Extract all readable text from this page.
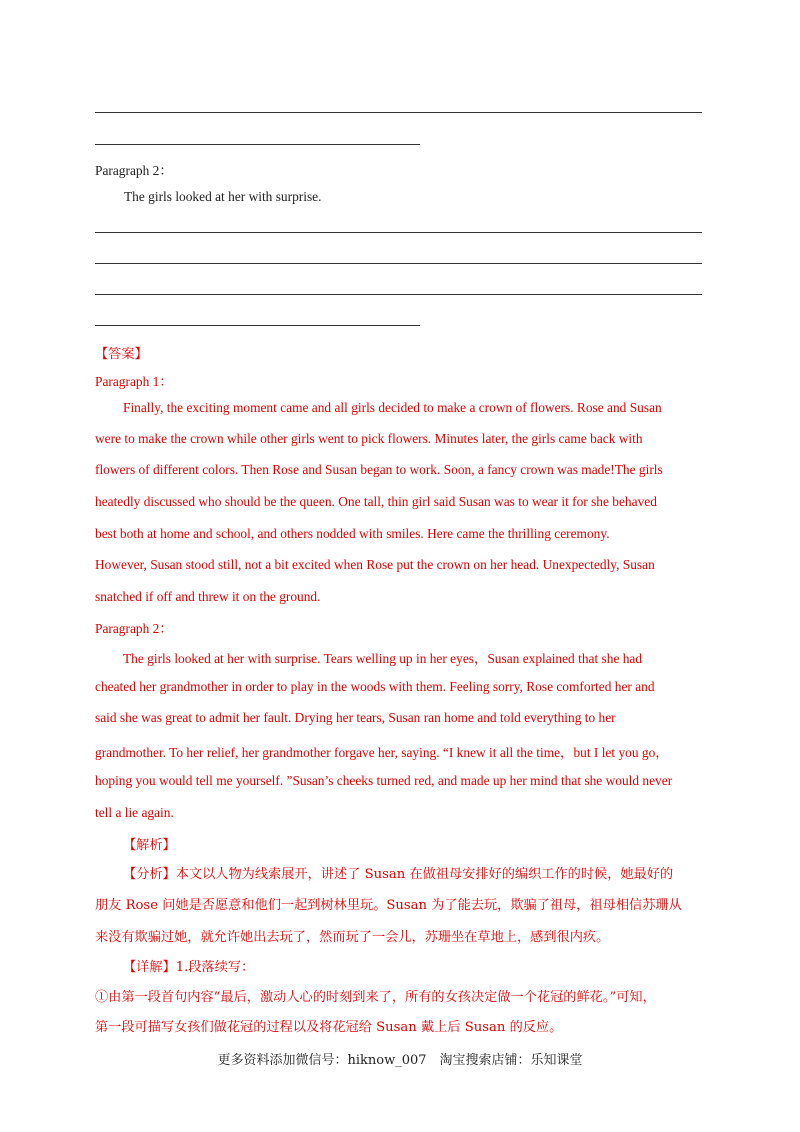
Paragraph 2：
The girls looked at her with surprise.
【答案】
Paragraph 1：
Finally, the exciting moment came and all girls decided to make a crown of flowers. Rose and Susan
were to make the crown while other girls went to pick flowers. Minutes later, the girls came back with
flowers of different colors. Then Rose and Susan began to work. Soon, a fancy crown was made!The girls
heatedly discussed who should be the queen. One tall, thin girl said Susan was to wear it for she behaved
best both at home and school, and others nodded with smiles. Here came the thrilling ceremony.
However, Susan stood still, not a bit excited when Rose put the crown on her head. Unexpectedly, Susan
snatched if off and threw it on the ground.
Paragraph 2：
The girls looked at her with surprise. Tears welling up in her eyes，Susan explained that she had
cheated her grandmother in order to play in the woods with them. Feeling sorry, Rose comforted her and
said she was great to admit her fault. Drying her tears, Susan ran home and told everything to her
grandmother. To her relief, her grandmother forgave her, saying. “I knew it all the time，but I let you go，
hoping you would tell me yourself. ”Susan’s cheeks turned red, and made up her mind that she would never
tell a lie again.
【解析】
【分析】本文以人物为线索展开，讲述了 Susan 在做祖母安排好的编织工作的时候，她最好的
朋友 Rose 问她是否愿意和他们一起到树林里玩。Susan 为了能去玩，欺骗了祖母，祖母相信苏珊从
来没有欺骗过她，就允许她出去玩了，然而玩了一会儿，苏珊坐在草地上，感到很内疚。
【详解】1.段落续写：
①由第一段首句内容“最后，激动人心的时刻到来了，所有的女孩决定做一个花冠的鲜花。”可知，
第一段可描写女孩们做花冠的过程以及将花冠给 Susan 戴上后 Susan 的反应。
更多资料添加微信号：hiknow_007　淘宝搜索店铺：乐知课堂
